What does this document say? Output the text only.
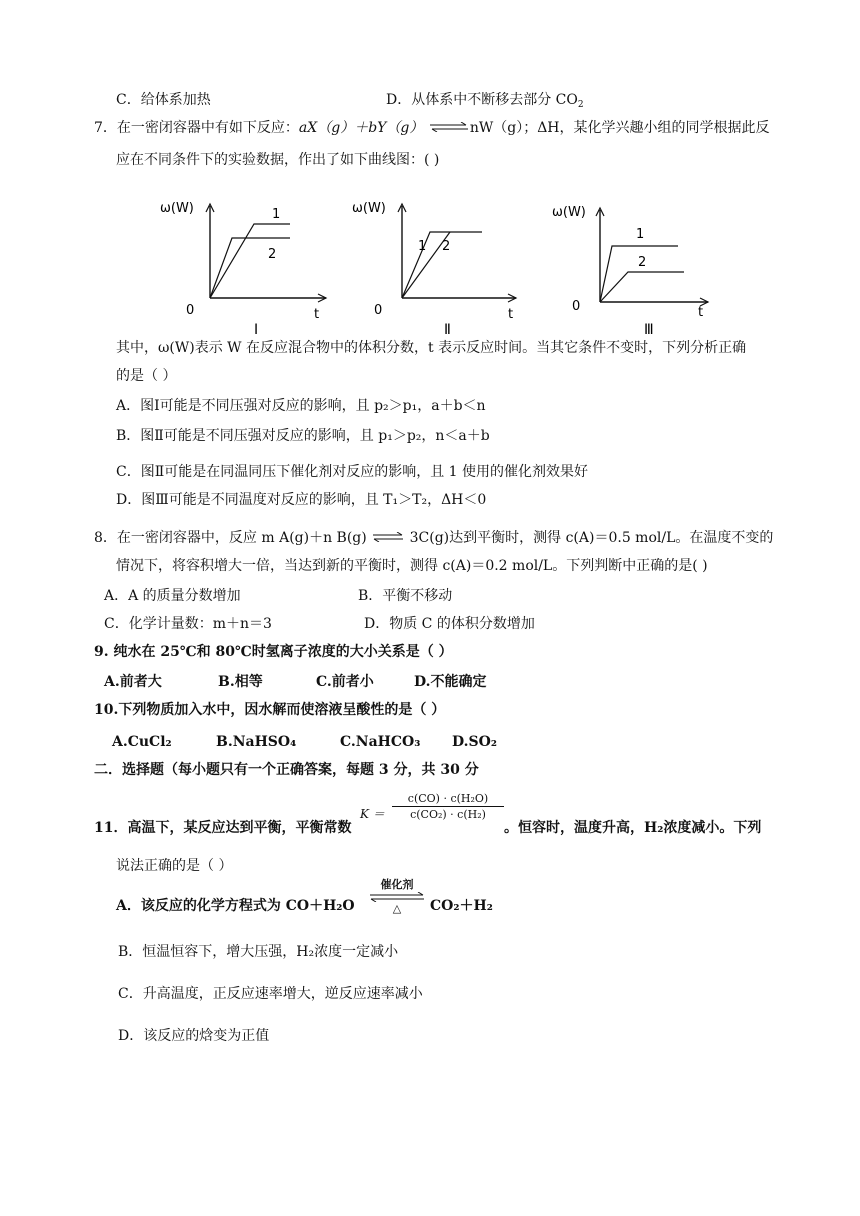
C．给体系加热	D．从体系中不断移去部分 $CO_2$
7．在一密闭容器中有如下反应：aX（g）＋bY（g） ⇌nW（g）；ΔH，某化学兴趣小组的同学根据此反
应在不同条件下的实验数据，作出了如下曲线图：( )
ω(W)	1
2
0	t
Ⅰ
ω(W)
1 2
0	t
Ⅱ
ω(W)
1
2
0	t
Ⅲ
其中，ω(W)表示 W 在反应混合物中的体积分数，t 表示反应时间。当其它条件不变时，下列分析正确
的是（ ）
A．图Ⅰ可能是不同压强对反应的影响，且 p₂＞p₁，a＋b＜n
B．图Ⅱ可能是不同压强对反应的影响，且 p₁＞p₂，n＜a＋b
C．图Ⅱ可能是在同温同压下催化剂对反应的影响，且 1 使用的催化剂效果好
D．图Ⅲ可能是不同温度对反应的影响，且 T₁＞T₂，ΔH＜0
8．在一密闭容器中，反应 m A(g)＋n B(g) ⇌ 3C(g)达到平衡时，测得 c(A)＝0.5 mol/L。在温度不变的
情况下，将容积增大一倍，当达到新的平衡时，测得 c(A)＝0.2 mol/L。下列判断中正确的是( )
A．A 的质量分数增加	B．平衡不移动
C．化学计量数：m＋n＝3	D．物质 C 的体积分数增加
9. 纯水在 25℃和 80℃时氢离子浓度的大小关系是（ ）
A.前者大	B.相等	C.前者小	D.不能确定
10.下列物质加入水中，因水解而使溶液呈酸性的是（ ）
A.CuCl₂	B.NaHSO₄	C.NaHCO₃ D.SO₂
二．选择题（每小题只有一个正确答案，每题 3 分，共 30 分
11．高温下，某反应达到平衡，平衡常数
K ＝
c(CO) · c(H₂O)
c(CO₂) · c(H₂)
。恒容时，温度升高，H₂浓度减小。下列
说法正确的是（ ）
A．该反应的化学方程式为 CO＋H₂O
催化剂
△	CO₂＋H₂
B．恒温恒容下，增大压强，H₂浓度一定减小
C．升高温度，正反应速率增大，逆反应速率减小
D．该反应的焓变为正值
